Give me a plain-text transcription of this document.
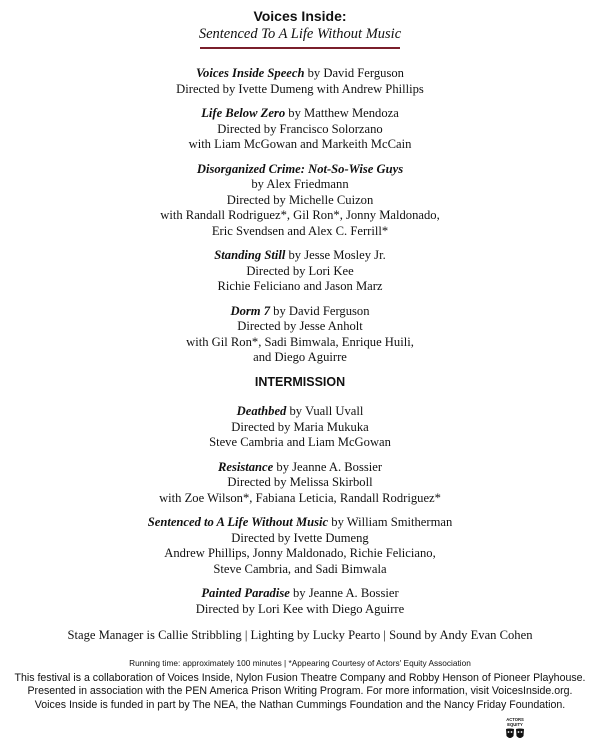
Voices Inside:
Sentenced To A Life Without Music
Voices Inside Speech by David Ferguson
Directed by Ivette Dumeng with Andrew Phillips
Life Below Zero by Matthew Mendoza
Directed by Francisco Solorzano
with Liam McGowan and Markeith McCain
Disorganized Crime: Not-So-Wise Guys
by Alex Friedmann
Directed by Michelle Cuizon
with Randall Rodriguez*, Gil Ron*, Jonny Maldonado,
Eric Svendsen and Alex C. Ferrill*
Standing Still by Jesse Mosley Jr.
Directed by Lori Kee
Richie Feliciano and Jason Marz
Dorm 7 by David Ferguson
Directed by Jesse Anholt
with Gil Ron*, Sadi Bimwala, Enrique Huili,
and Diego Aguirre
INTERMISSION
Deathbed by Vuall Uvall
Directed by Maria Mukuka
Steve Cambria and Liam McGowan
Resistance by Jeanne A. Bossier
Directed by Melissa Skirboll
with Zoe Wilson*, Fabiana Leticia, Randall Rodriguez*
Sentenced to A Life Without Music by William Smitherman
Directed by Ivette Dumeng
Andrew Phillips, Jonny Maldonado, Richie Feliciano,
Steve Cambria, and Sadi Bimwala
Painted Paradise by Jeanne A. Bossier
Directed by Lori Kee with Diego Aguirre
Stage Manager is Callie Stribbling | Lighting by Lucky Pearto | Sound by Andy Evan Cohen
Running time: approximately 100 minutes | *Appearing Courtesy of Actors' Equity Association
This festival is a collaboration of Voices Inside, Nylon Fusion Theatre Company and Robby Henson of Pioneer Playhouse. Presented in association with the PEN America Prison Writing Program. For more information, visit VoicesInside.org. Voices Inside is funded in part by The NEA, the Nathan Cummings Foundation and the Nancy Friday Foundation.
ACTORS
EQUITY
